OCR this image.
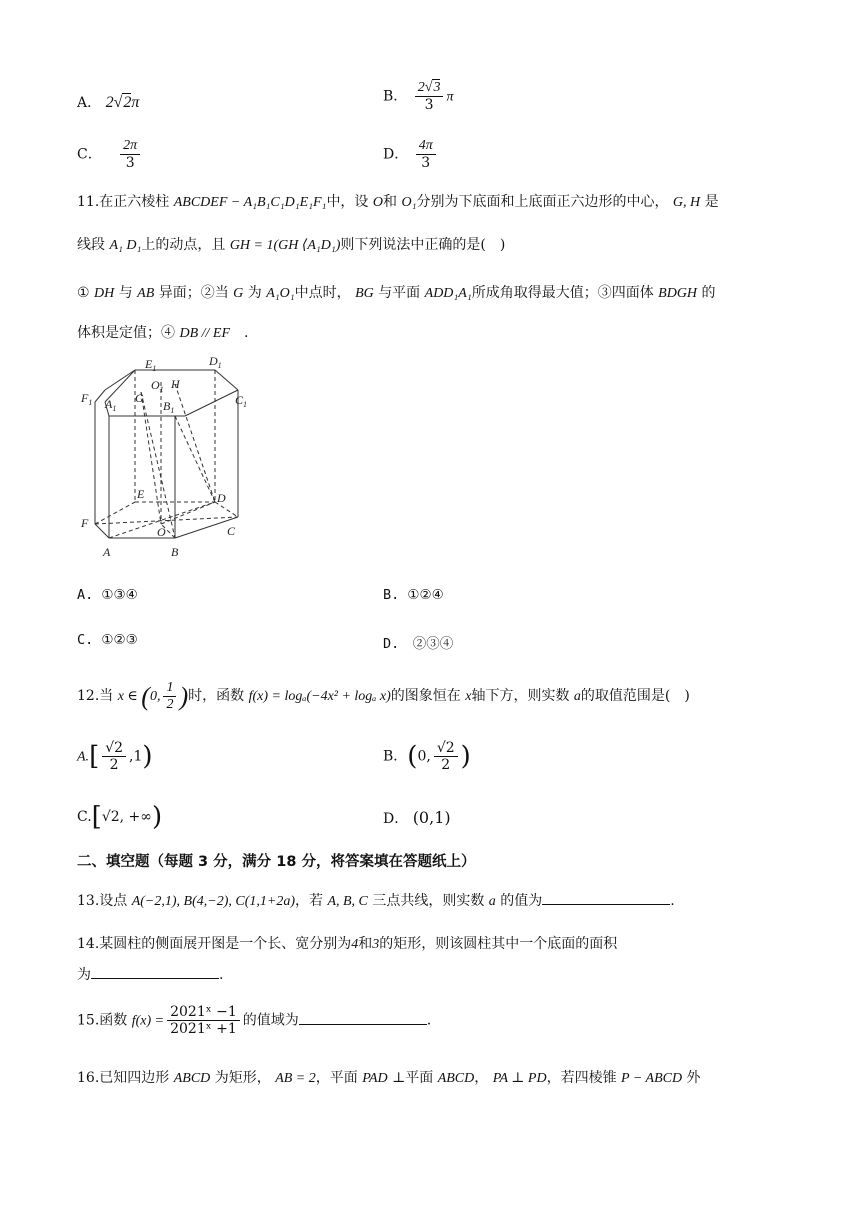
A． 2√2π	B． $\frac{2√3}{3}$ π
C． $\frac{2\pi}{3}$	D． $\frac{4\pi}{3}$
11.在正六棱柱 ABCDEF − A₁B₁C₁D₁E₁F₁中，设 O和 O₁分别为下底面和上底面正六边形的中心， G, H 是
线段 A₁ D₁上的动点，且 GH = 1(GH ⟨A₁D₁)则下列说法中正确的是(　)
① DH 与 AB 异面；②当 G 为 A₁O₁中点时， BG 与平面 ADD₁A₁所成角取得最大值；③四面体 BDGH 的
体积是定值；④ DB // EF　.
$E_1$
$D_1$
$O_1$ H
$F_1$ $A_1$
G
$B_1$
$C_1$
E	D
F
O	C
A	B
A. ①③④	B. ①②④
C. ①②③	D.　②③④
12.当 x ∈ (0, $\frac{1}{2}$ )时，函数 f(x) = logₐ(−4x² + logₐ x)的图象恒在 x轴下方，则实数 a的取值范围是(　)
$A.[ \frac{√2}{2} ,1)$	B．(0, $\frac{√2}{2}$ )
C.[√2, +∞)	D． (0,1)
二、填空题（每题 3 分，满分 18 分，将答案填在答题纸上）
13.设点 A(−2,1), B(4,−2), C(1,1+2a)，若 A, B, C 三点共线，则实数 a 的值为	.
14.某圆柱的侧面展开图是一个长、宽分别为4和3的矩形，则该圆柱其中一个底面的面积
为	.
15.函数 $f(x) = \frac{\text{2021ˣ −1}}{\text{2021ˣ +1}}$ 的值域为	.
16.已知四边形 ABCD 为矩形， AB = 2，平面 PAD ⊥平面 ABCD， PA ⊥ PD，若四棱锥 P − ABCD 外
